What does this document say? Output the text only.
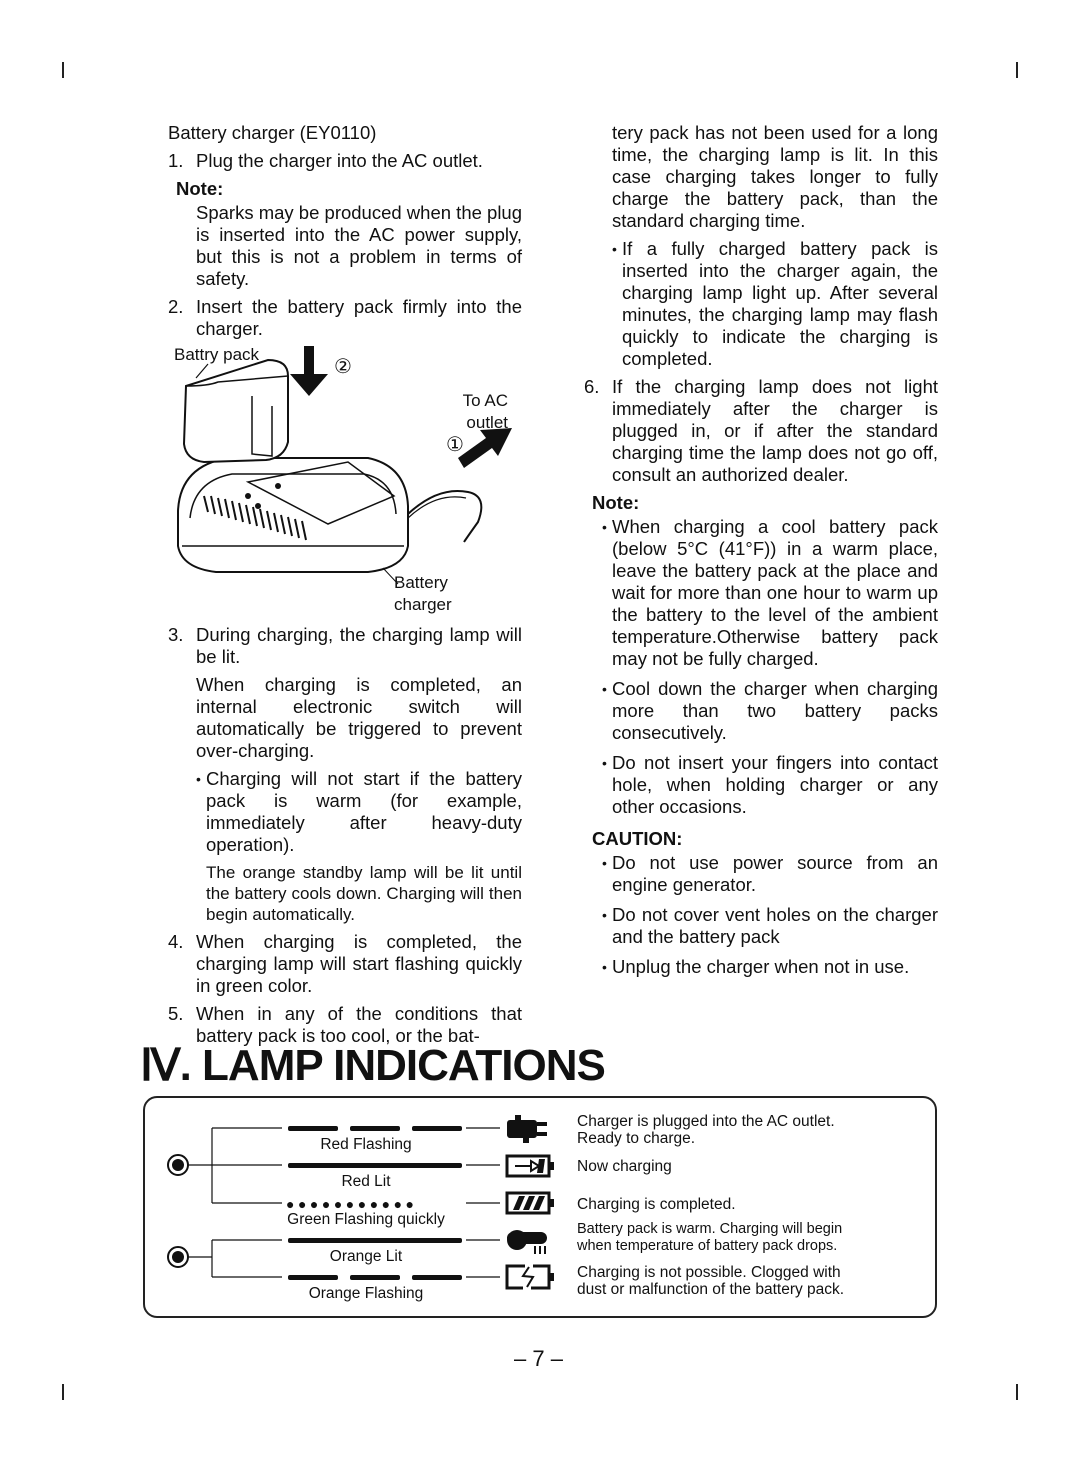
Battery charger (EY0110)

1. Plug the charger into the AC outlet.
Note:
Sparks may be produced when the plug is inserted into the AC power supply, but this is not a problem in terms of safety.
2. Insert the battery pack firmly into the charger.
Battry pack
②
To AC
outlet
①
Battery
charger
3. During charging, the charging lamp will be lit.
When charging is completed, an internal electronic switch will automatically be triggered to prevent over-charging.
• Charging will not start if the battery pack is warm (for example, immediately after heavy-duty operation).
The orange standby lamp will be lit until the battery cools down. Charging will then begin automatically.
4. When charging is completed, the charging lamp will start flashing quickly in green color.
5. When in any of the conditions that battery pack is too cool, or the bat-
tery pack has not been used for a long time, the charging lamp is lit. In this case charging takes longer to fully charge the battery pack, than the standard charging time.
• If a fully charged battery pack is inserted into the charger again, the charging lamp light up. After several minutes, the charging lamp may flash quickly to indicate the charging is completed.
6. If the charging lamp does not light immediately after the charger is plugged in, or if after the standard charging time the lamp does not go off, consult an authorized dealer.
Note:
• When charging a cool battery pack (below 5°C (41°F)) in a warm place, leave the battery pack at the place and wait for more than one hour to warm up the battery to the level of the ambient temperature.Otherwise battery pack may not be fully charged.
• Cool down the charger when charging more than two battery packs consecutively.
• Do not insert your fingers into contact hole, when holding charger or any other occasions.
CAUTION:
• Do not use power source from an engine generator.
• Do not cover vent holes on the charger and the battery pack
• Unplug the charger when not in use.
Ⅳ. LAMP INDICATIONS
Red Flashing
Red Lit
●●●●●●●●●●●
Green Flashing quickly
Orange Lit
Orange Flashing
Charger is plugged into the AC outlet.
Ready to charge.
Now charging
Charging is completed.
Battery pack is warm. Charging will begin
when temperature of battery pack drops.
Charging is not possible. Clogged with
dust or malfunction of the battery pack.
– 7 –
